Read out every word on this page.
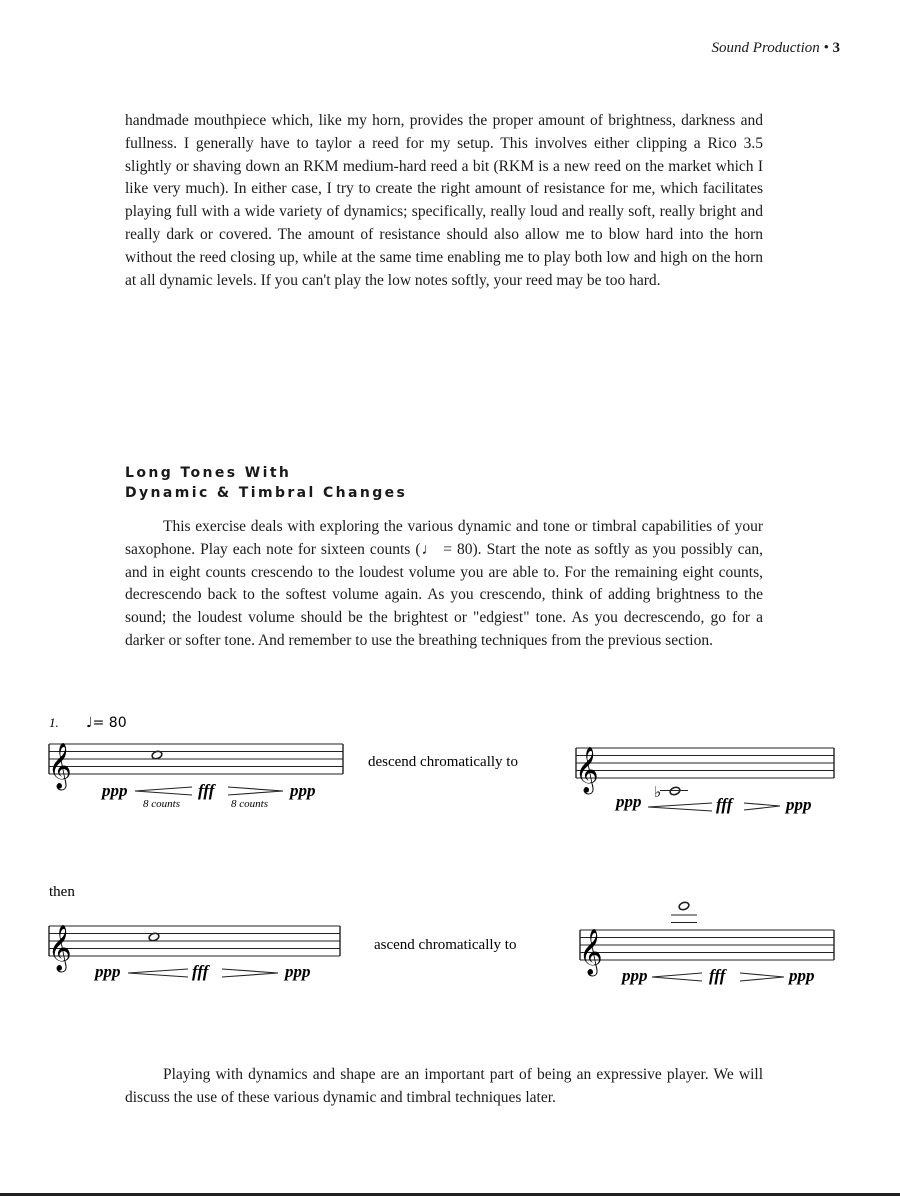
Sound Production • 3

handmade mouthpiece which, like my horn, provides the proper amount of brightness, darkness and fullness. I generally have to taylor a reed for my setup. This involves either clipping a Rico 3.5 slightly or shaving down an RKM medium-hard reed a bit (RKM is a new reed on the market which I like very much). In either case, I try to create the right amount of resistance for me, which facilitates playing full with a wide variety of dynamics; specifically, really loud and really soft, really bright and really dark or covered. The amount of resistance should also allow me to blow hard into the horn without the reed closing up, while at the same time enabling me to play both low and high on the horn at all dynamic levels. If you can't play the low notes softly, your reed may be too hard.

Long Tones With
Dynamic & Timbral Changes

This exercise deals with exploring the various dynamic and tone or timbral capabilities of your saxophone. Play each note for sixteen counts (♩ = 80). Start the note as softly as you possibly can, and in eight counts crescendo to the loudest volume you are able to. For the remaining eight counts, decrescendo back to the softest volume again. As you crescendo, think of adding brightness to the sound; the loudest volume should be the brightest or "edgiest" tone. As you decrescendo, go for a darker or softer tone. And remember to use the breathing techniques from the previous section.

1. ♩= 80
𝄞
ppp	fff	ppp
8 counts	8 counts
descend chromatically to 𝄞	♭
ppp	fff	ppp
then
𝄞
ppp	fff	ppp
ascend chromatically to 𝄞
ppp	fff	ppp

Playing with dynamics and shape are an important part of being an expressive player. We will discuss the use of these various dynamic and timbral techniques later.
